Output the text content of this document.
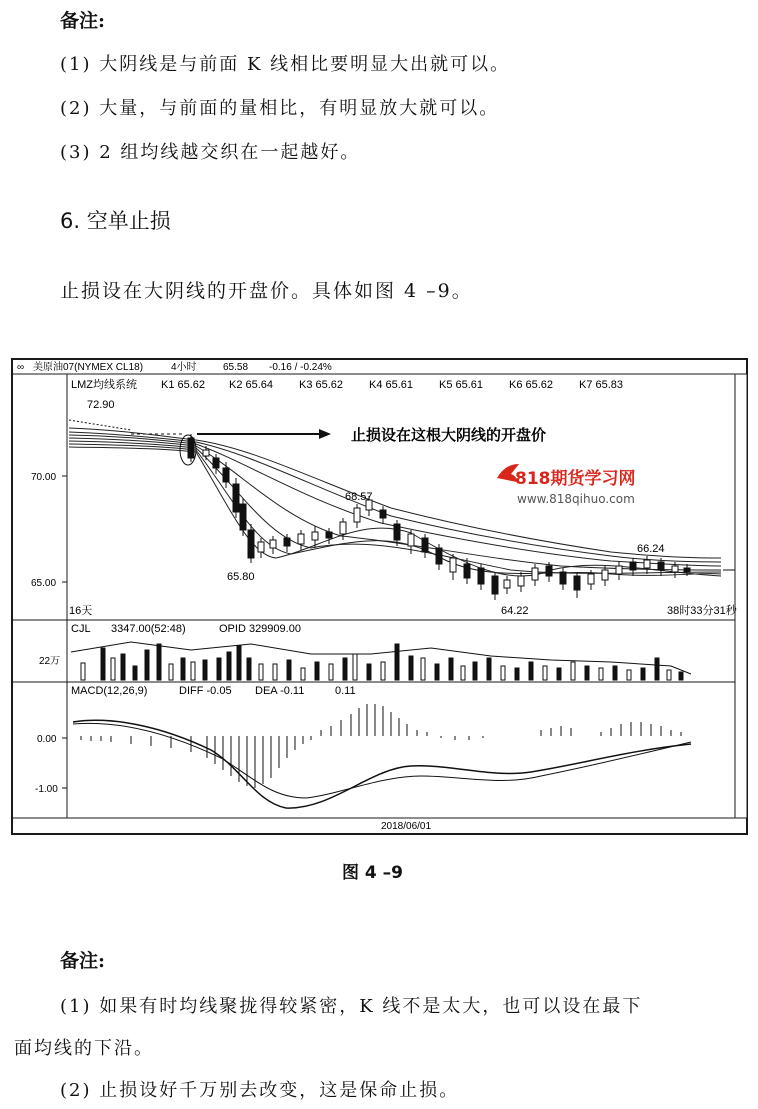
备注:
(1) 大阴线是与前面 K 线相比要明显大出就可以。
(2) 大量，与前面的量相比，有明显放大就可以。
(3) 2 组均线越交织在一起越好。
6. 空单止损
止损设在大阴线的开盘价。具体如图 4 –9。
∞ 美原油07(NYMEX CL18)	4小时	65.58 -0.16 / -0.24%
LMZ均线系统 K1 65.62 K2 65.64 K3 65.62 K4 65.61 K5 65.61 K6 65.62 K7 65.83
70.00
65.00
止损设在这根大阴线的开盘价
72.90
65.80
68.57
64.22
66.24
16天	38时33分31秒
818期货学习网
www.818qihuo.com
CJL 3347.00(52:48)	OPID 329909.00
22万
MACD(12,26,9)	DIFF -0.05 DEA -0.11	0.11
0.00
-1.00
2018/06/01
图 4 –9
备注:
(1) 如果有时均线聚拢得较紧密，K 线不是太大，也可以设在最下
面均线的下沿。
(2) 止损设好千万别去改变，这是保命止损。
